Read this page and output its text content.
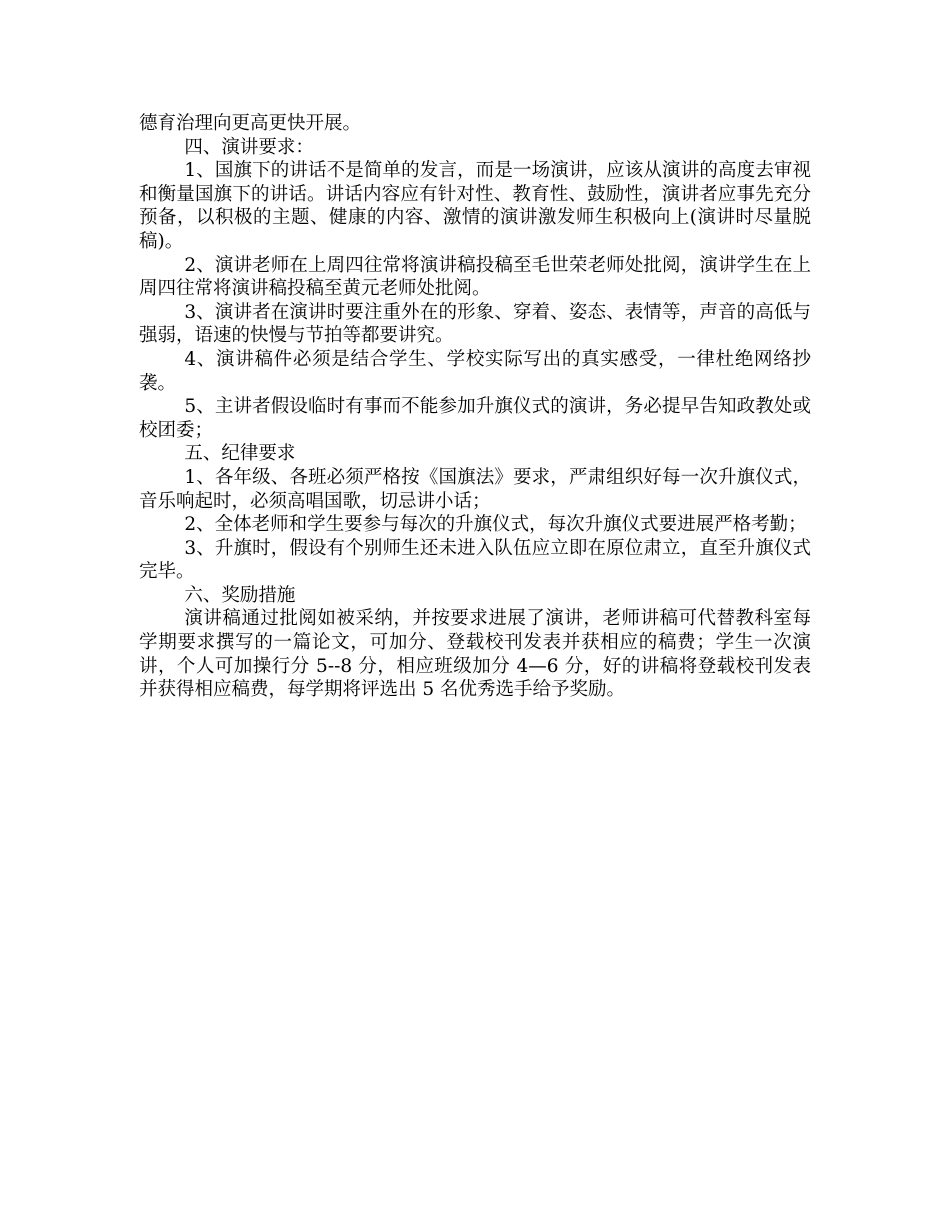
德育治理向更高更快开展。

四、演讲要求：

1、国旗下的讲话不是简单的发言，而是一场演讲，应该从演讲的高度去审视和衡量国旗下的讲话。讲话内容应有针对性、教育性、鼓励性，演讲者应事先充分预备，以积极的主题、健康的内容、激情的演讲激发师生积极向上(演讲时尽量脱稿)。

2、演讲老师在上周四往常将演讲稿投稿至毛世荣老师处批阅，演讲学生在上周四往常将演讲稿投稿至黄元老师处批阅。

3、演讲者在演讲时要注重外在的形象、穿着、姿态、表情等，声音的高低与强弱，语速的快慢与节拍等都要讲究。

4、演讲稿件必须是结合学生、学校实际写出的真实感受，一律杜绝网络抄袭。

5、主讲者假设临时有事而不能参加升旗仪式的演讲，务必提早告知政教处或校团委；

五、纪律要求

1、各年级、各班必须严格按《国旗法》要求，严肃组织好每一次升旗仪式，音乐响起时，必须高唱国歌，切忌讲小话；

2、全体老师和学生要参与每次的升旗仪式，每次升旗仪式要进展严格考勤；

3、升旗时，假设有个别师生还未进入队伍应立即在原位肃立，直至升旗仪式完毕。

六、奖励措施

演讲稿通过批阅如被采纳，并按要求进展了演讲，老师讲稿可代替教科室每学期要求撰写的一篇论文，可加分、登载校刊发表并获相应的稿费；学生一次演讲，个人可加操行分 5--8 分，相应班级加分 4—6 分，好的讲稿将登载校刊发表并获得相应稿费，每学期将评选出 5 名优秀选手给予奖励。
